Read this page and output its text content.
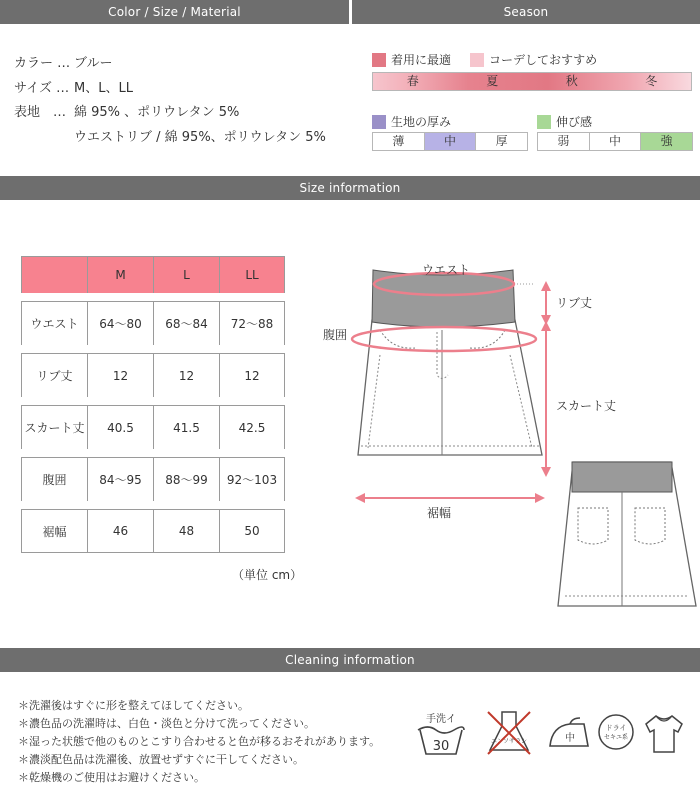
Color / Size / Material	Season
カラー … ブルー
サイズ … M、L、LL
表地　… 綿 95% 、ポリウレタン 5%
ウエストリブ / 綿 95%、ポリウレタン 5%
着用に最適	コーデしておすすめ
春	夏	秋	冬
生地の厚み
薄	中	厚
伸び感
弱	中	強
Size information
	M	L	LL

ウエスト	64〜80	68〜84	72〜88

リブ丈	12	12	12

スカート丈	40.5	41.5	42.5

腹囲	84〜95	88〜99	92〜103

裾幅	46	48	50
（単位 cm）
ウエスト
リブ丈
腹囲
スカート丈
裾幅
Cleaning information
＊洗濯後はすぐに形を整えてほしてください。
＊濃色品の洗濯時は、白色・淡色と分けて洗ってください。
＊湿った状態で他のものとこすり合わせると色が移るおそれがあります。
＊濃淡配色品は洗濯後、放置せずすぐに干してください。
＊乾燥機のご使用はお避けください。
手洗イ
30	エンソサラシ	中
ドライ
セキユ系
